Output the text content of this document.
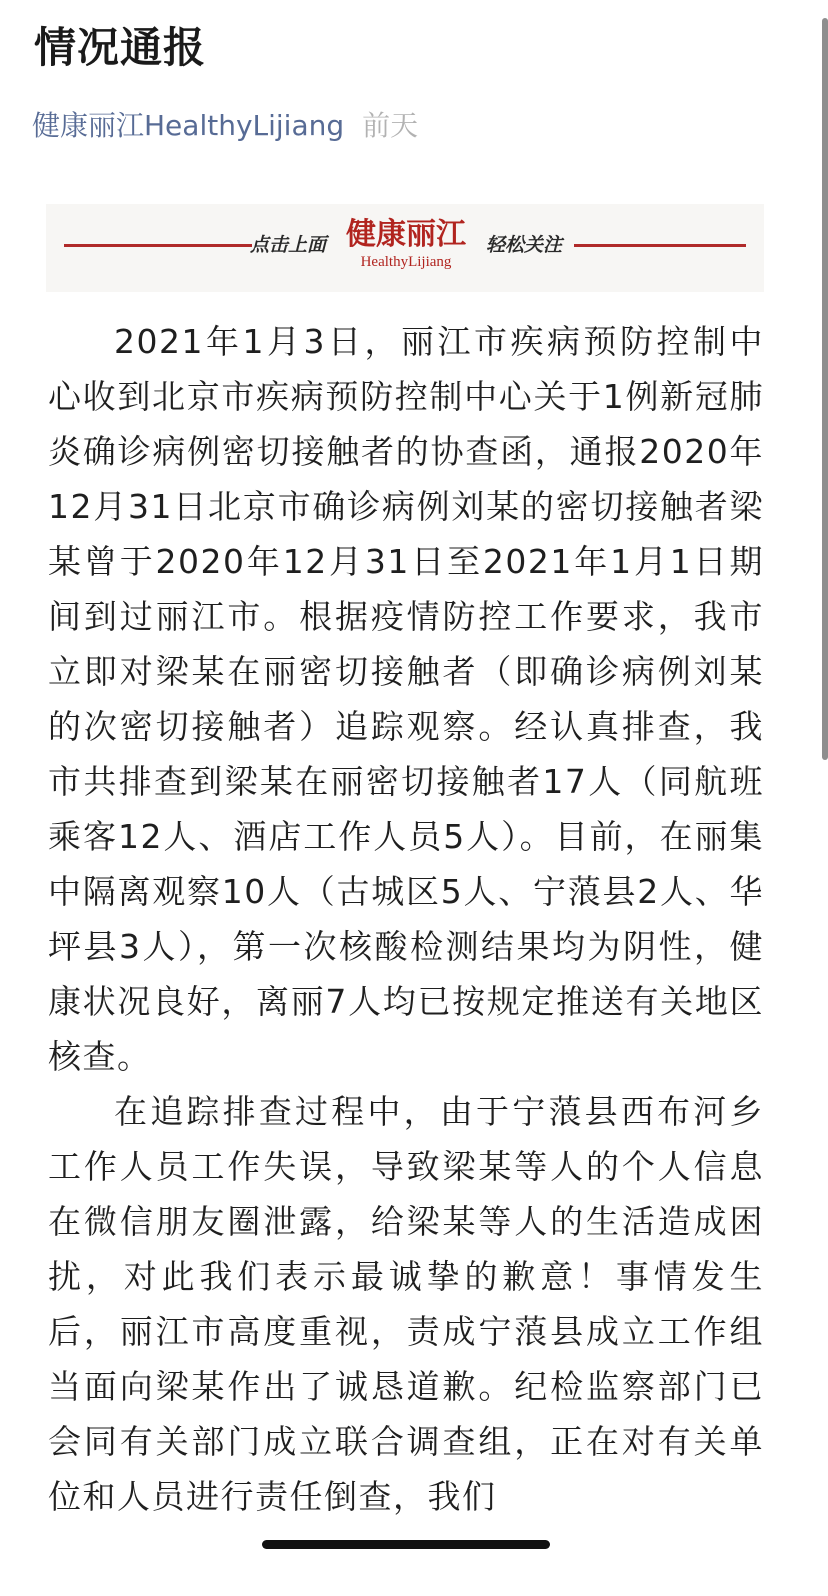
情况通报
健康丽江HealthyLijiang 前天
点击上面 健康丽江
HealthyLijiang
轻松关注

2021年1月3日，丽江市疾病预防控制中心收到北京市疾病预防控制中心关于1例新冠肺炎确诊病例密切接触者的协查函，通报2020年12月31日北京市确诊病例刘某的密切接触者梁某曾于2020年12月31日至2021年1月1日期间到过丽江市。根据疫情防控工作要求，我市立即对梁某在丽密切接触者（即确诊病例刘某的次密切接触者）追踪观察。经认真排查，我市共排查到梁某在丽密切接触者17人（同航班乘客12人、酒店工作人员5人）。目前，在丽集中隔离观察10人（古城区5人、宁蒗县2人、华坪县3人），第一次核酸检测结果均为阴性，健康状况良好，离丽7人均已按规定推送有关地区核查。

在追踪排查过程中，由于宁蒗县西布河乡工作人员工作失误，导致梁某等人的个人信息在微信朋友圈泄露，给梁某等人的生活造成困扰，对此我们表示最诚挚的歉意！事情发生后，丽江市高度重视，责成宁蒗县成立工作组当面向梁某作出了诚恳道歉。纪检监察部门已会同有关部门成立联合调查组，正在对有关单位和人员进行责任倒查，我们
